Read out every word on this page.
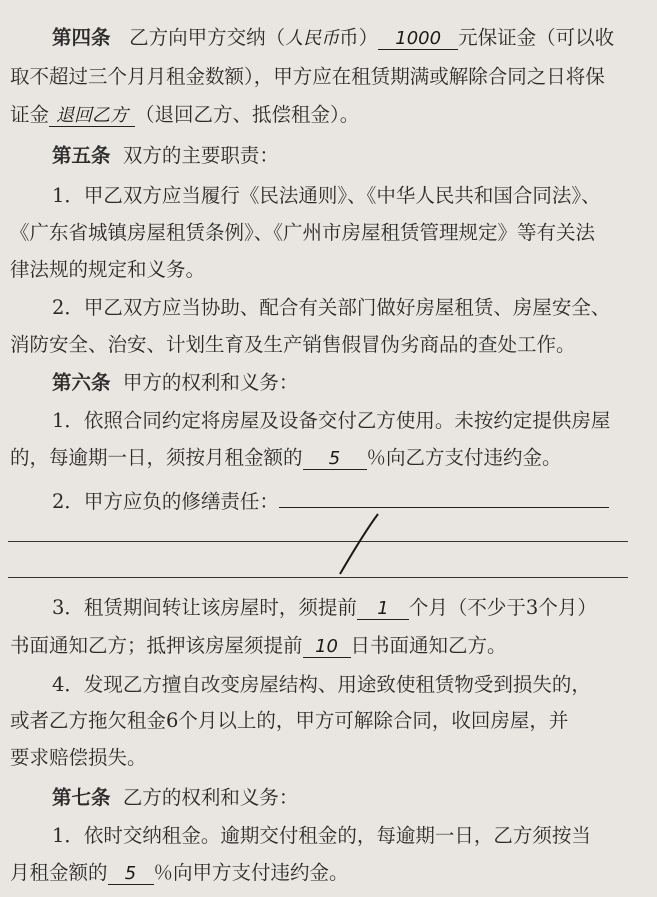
第四条 乙方向甲方交纳（人民币币） 1000 元保证金（可以收
取不超过三个月月租金数额），甲方应在租赁期满或解除合同之日将保
证金 退回乙方 （退回乙方、抵偿租金）。
第五条 双方的主要职责：
1．甲乙双方应当履行《民法通则》、《中华人民共和国合同法》、
《广东省城镇房屋租赁条例》、《广州市房屋租赁管理规定》等有关法
律法规的规定和义务。
2．甲乙双方应当协助、配合有关部门做好房屋租赁、房屋安全、
消防安全、治安、计划生育及生产销售假冒伪劣商品的查处工作。
第六条 甲方的权利和义务：
1．依照合同约定将房屋及设备交付乙方使用。未按约定提供房屋
的，每逾期一日，须按月租金额的 5 ％向乙方支付违约金。
2．甲方应负的修缮责任：
3．租赁期间转让该房屋时，须提前 1 个月（不少于3个月）
书面通知乙方；抵押该房屋须提前 10 日书面通知乙方。
4．发现乙方擅自改变房屋结构、用途致使租赁物受到损失的，
或者乙方拖欠租金6个月以上的，甲方可解除合同，收回房屋，并
要求赔偿损失。
第七条 乙方的权利和义务：
1．依时交纳租金。逾期交付租金的，每逾期一日，乙方须按当
月租金额的 5 ％向甲方支付违约金。
